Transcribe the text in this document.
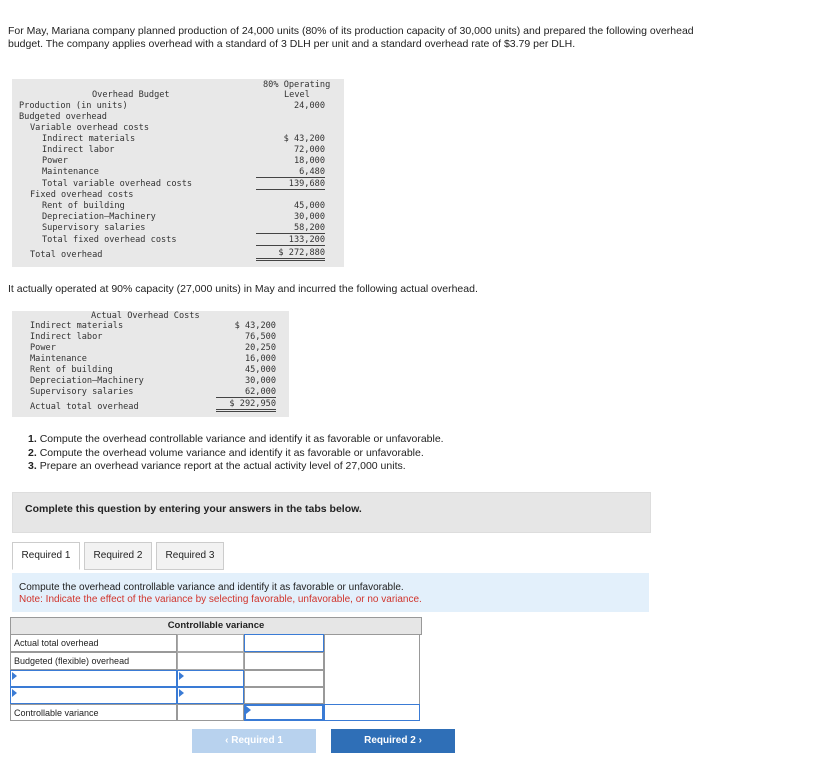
For May, Mariana company planned production of 24,000 units (80% of its production capacity of 30,000 units) and prepared the following overhead budget. The company applies overhead with a standard of 3 DLH per unit and a standard overhead rate of $3.79 per DLH.
Overhead Budget
80% Operating
Level
Production (in units)	24,000
Budgeted overhead
Variable overhead costs
Indirect materials	$ 43,200
Indirect labor	72,000
Power	18,000
Maintenance	6,480
Total variable overhead costs	139,680
Fixed overhead costs
Rent of building	45,000
Depreciation—Machinery	30,000
Supervisory salaries	58,200
Total fixed overhead costs	133,200
Total overhead	$ 272,880
It actually operated at 90% capacity (27,000 units) in May and incurred the following actual overhead.
Actual Overhead Costs
Indirect materials	$ 43,200
Indirect labor	76,500
Power	20,250
Maintenance	16,000
Rent of building	45,000
Depreciation—Machinery	30,000
Supervisory salaries	62,000
Actual total overhead	$ 292,950
1. Compute the overhead controllable variance and identify it as favorable or unfavorable.
2. Compute the overhead volume variance and identify it as favorable or unfavorable.
3. Prepare an overhead variance report at the actual activity level of 27,000 units.
Complete this question by entering your answers in the tabs below.
Required 1	Required 2	Required 3
Compute the overhead controllable variance and identify it as favorable or unfavorable.
Note: Indicate the effect of the variance by selecting favorable, unfavorable, or no variance.
Controllable variance
Actual total overhead
Budgeted (flexible) overhead
Controllable variance
‹ Required 1	Required 2 ›
